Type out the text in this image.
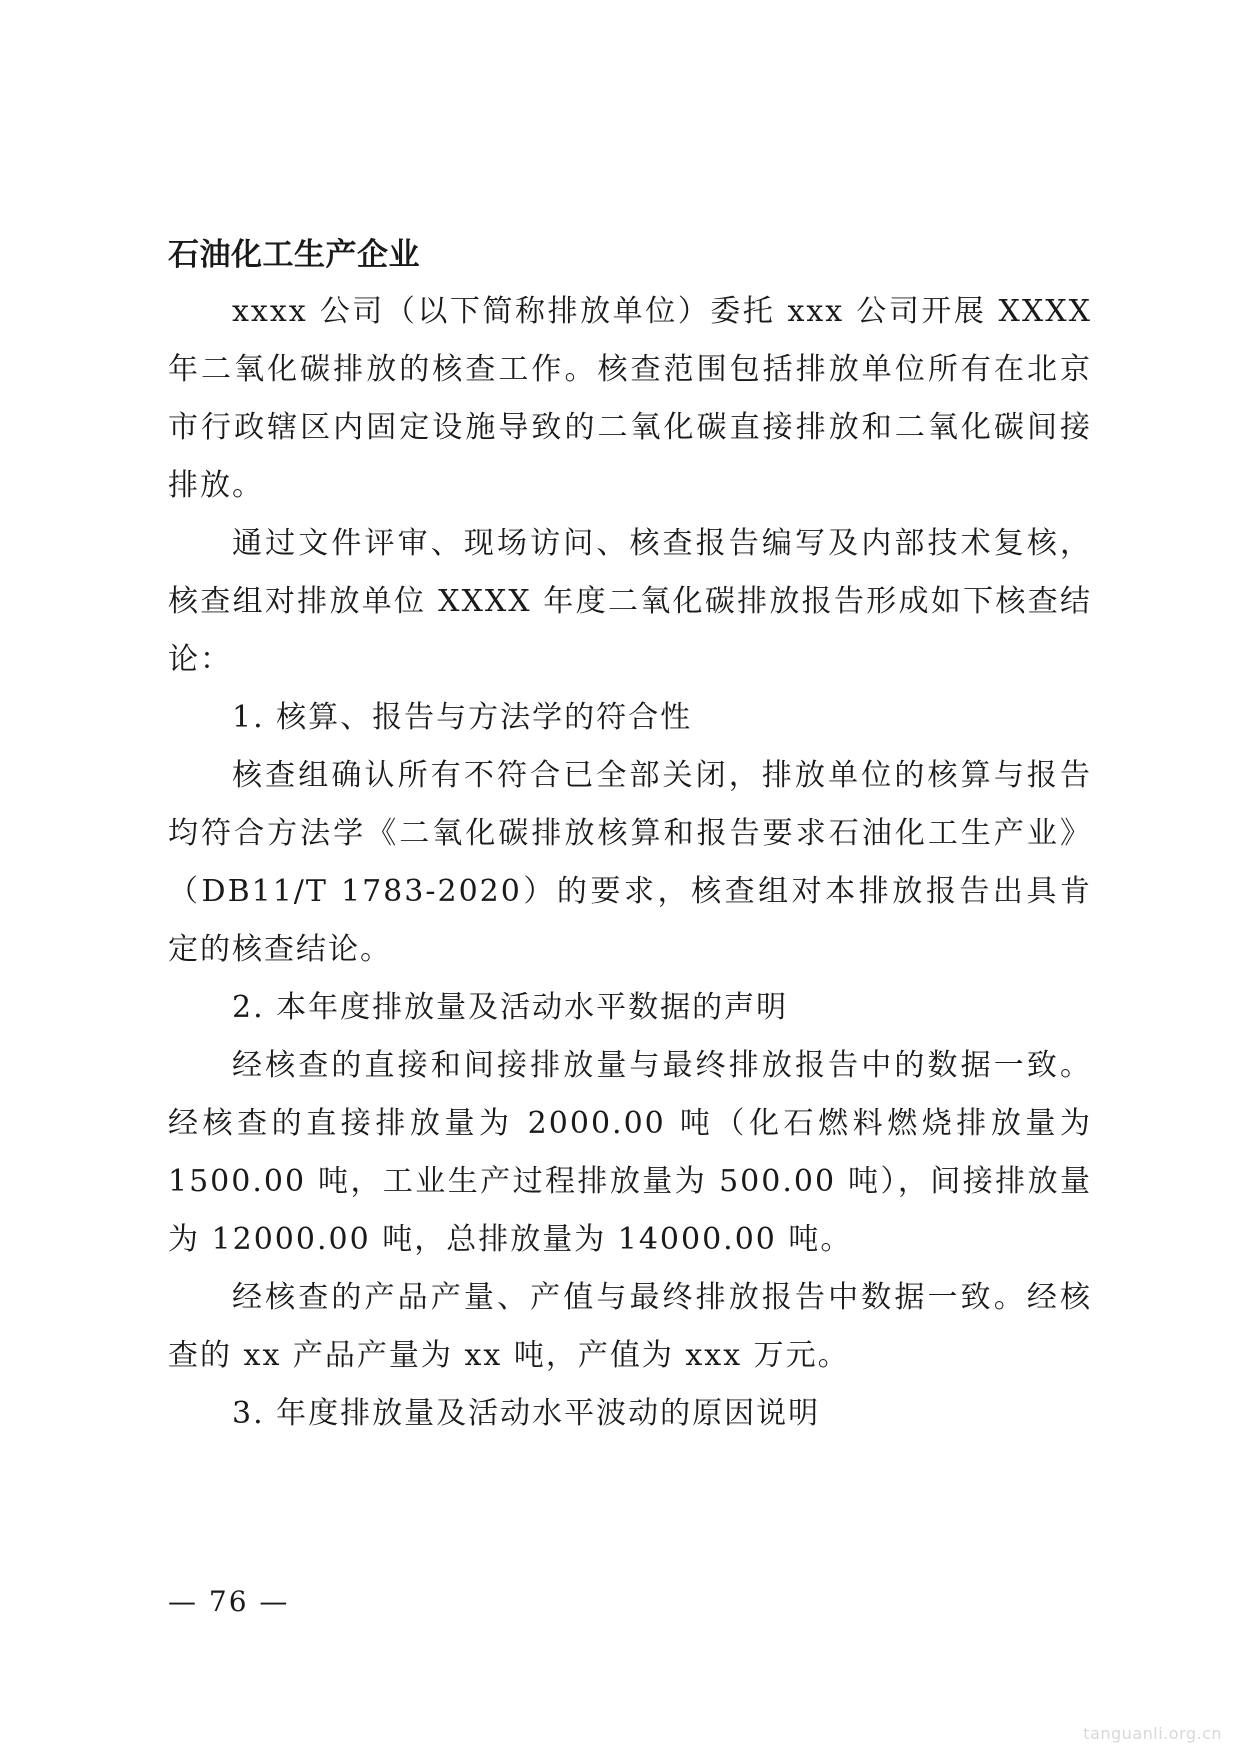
石油化工生产企业

xxxx 公司（以下简称排放单位）委托 xxx 公司开展 XXXX 年二氧化碳排放的核查工作。核查范围包括排放单位所有在北京市行政辖区内固定设施导致的二氧化碳直接排放和二氧化碳间接排放。

通过文件评审、现场访问、核查报告编写及内部技术复核，核查组对排放单位 XXXX 年度二氧化碳排放报告形成如下核查结论：

1. 核算、报告与方法学的符合性

核查组确认所有不符合已全部关闭，排放单位的核算与报告均符合方法学《二氧化碳排放核算和报告要求石油化工生产业》（DB11/T 1783-2020）的要求，核查组对本排放报告出具肯定的核查结论。

2. 本年度排放量及活动水平数据的声明

经核查的直接和间接排放量与最终排放报告中的数据一致。经核查的直接排放量为 2000.00 吨（化石燃料燃烧排放量为 1500.00 吨，工业生产过程排放量为 500.00 吨），间接排放量为 12000.00 吨，总排放量为 14000.00 吨。

经核查的产品产量、产值与最终排放报告中数据一致。经核查的 xx 产品产量为 xx 吨，产值为 xxx 万元。

3. 年度排放量及活动水平波动的原因说明

— 76 —
tanguanli.org.cn
